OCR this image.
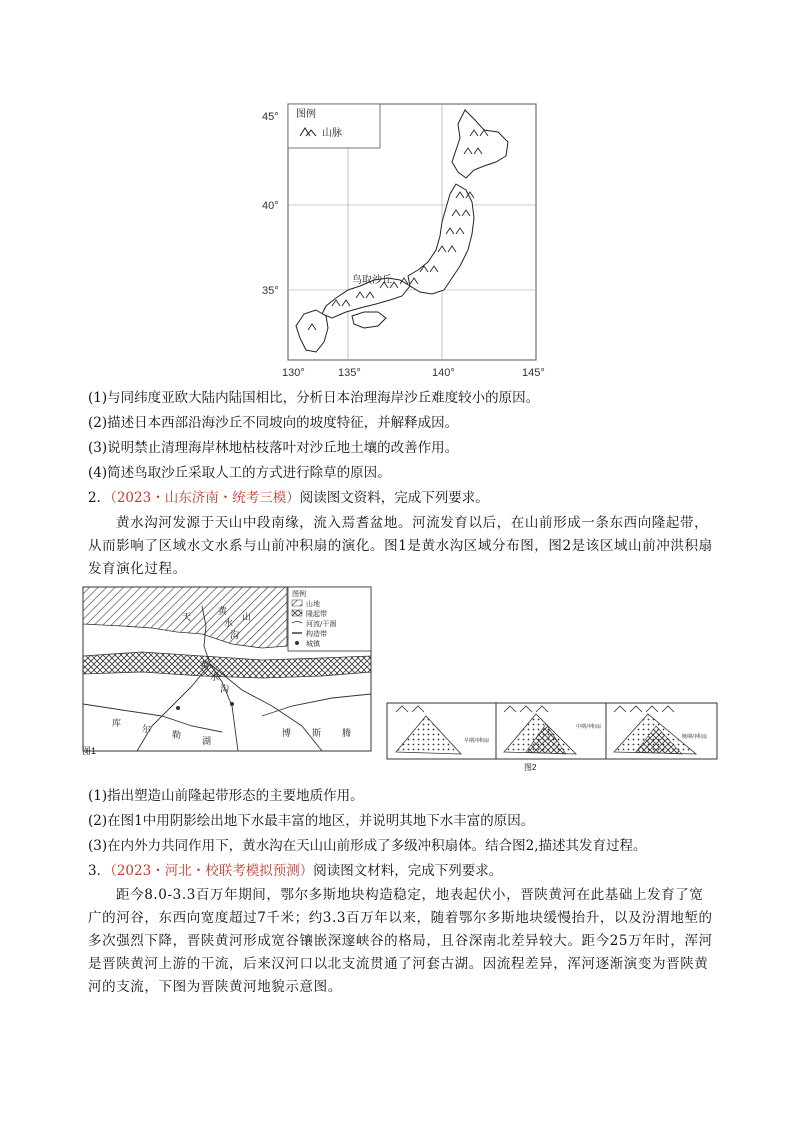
图例
山脉
鸟取沙丘
45°
40°
35°
130°	135°	140°	145°
(1)与同纬度亚欧大陆内陆国相比，分析日本治理海岸沙丘难度较小的原因。
(2)描述日本西部沿海沙丘不同坡向的坡度特征，并解释成因。
(3)说明禁止清理海岸林地枯枝落叶对沙丘地土壤的改善作用。
(4)简述鸟取沙丘采取人工的方式进行除草的原因。
2．（2023・山东济南・统考三模）阅读图文资料，完成下列要求。
黄水沟河发源于天山中段南缘，流入焉耆盆地。河流发育以后，在山前形成一条东西向隆起带，从而影响了区域水文水系与山前冲积扇的演化。图1是黄水沟区域分布图，图2是该区域山前冲洪积扇发育演化过程。
图例
山地
隆起带
河流/干涸
构造带
城镇
黄
水
沟
天	山
黄
水
沟
库
尔
勒
湖
博 斯 腾
图1
早期冲积扇
中期冲积扇
晚期冲积扇
图2
(1)指出塑造山前隆起带形态的主要地质作用。
(2)在图1中用阴影绘出地下水最丰富的地区，并说明其地下水丰富的原因。
(3)在内外力共同作用下，黄水沟在天山山前形成了多级冲积扇体。结合图2,描述其发育过程。
3．（2023・河北・校联考模拟预测）阅读图文材料，完成下列要求。
距今8.0-3.3百万年期间，鄂尔多斯地块构造稳定，地表起伏小，晋陕黄河在此基础上发育了宽广的河谷，东西向宽度超过7千米；约3.3百万年以来，随着鄂尔多斯地块缓慢抬升，以及汾渭地堑的多次强烈下降，晋陕黄河形成宽谷镶嵌深邃峡谷的格局，且谷深南北差异较大。距今25万年时，浑河是晋陕黄河上游的干流，后来汉河口以北支流贯通了河套古湖。因流程差异，浑河逐渐演变为晋陕黄河的支流，下图为晋陕黄河地貌示意图。
